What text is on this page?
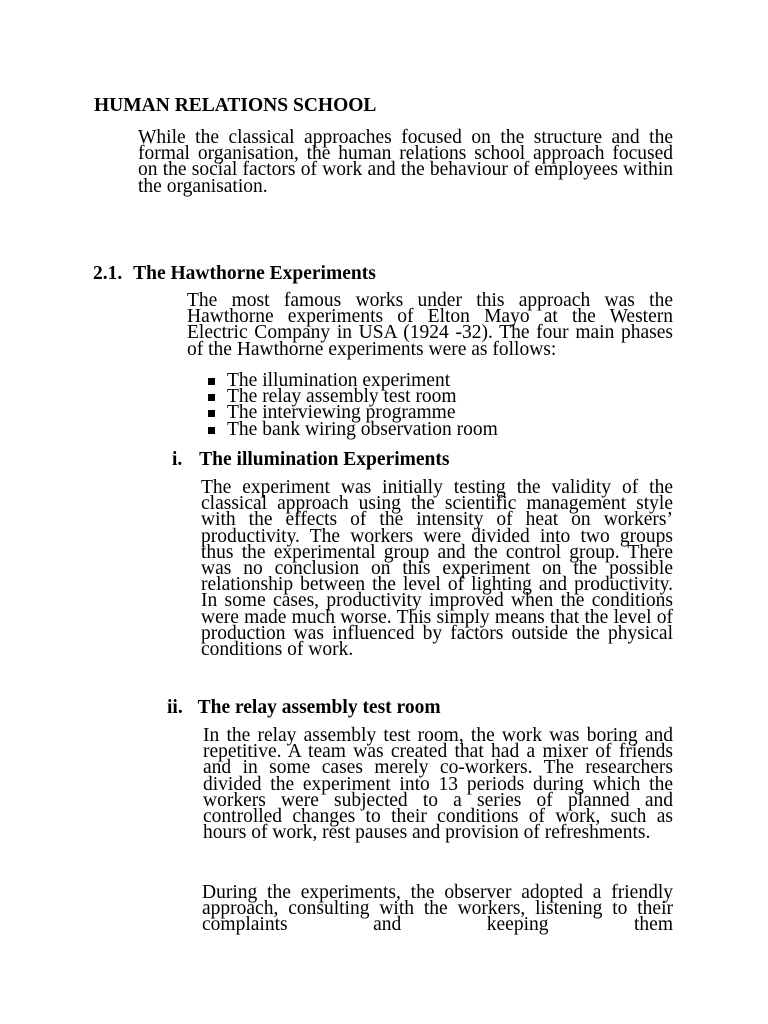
HUMAN RELATIONS SCHOOL
While the classical approaches focused on the structure and the formal organisation, the human relations school approach focused on the social factors of work and the behaviour of employees within the organisation.
2.1. The Hawthorne Experiments
The most famous works under this approach was the Hawthorne experiments of Elton Mayo at the Western Electric Company in USA (1924 -32). The four main phases of the Hawthorne experiments were as follows:
The illumination experiment
The relay assembly test room
The interviewing programme
The bank wiring observation room
i. The illumination Experiments
The experiment was initially testing the validity of the classical approach using the scientific management style with the effects of the intensity of heat on workers’ productivity. The workers were divided into two groups thus the experimental group and the control group. There was no conclusion on this experiment on the possible relationship between the level of lighting and productivity. In some cases, productivity improved when the conditions were made much worse. This simply means that the level of production was influenced by factors outside the physical conditions of work.
ii. The relay assembly test room
In the relay assembly test room, the work was boring and repetitive. A team was created that had a mixer of friends and in some cases merely co-workers. The researchers divided the experiment into 13 periods during which the workers were subjected to a series of planned and controlled changes to their conditions of work, such as hours of work, rest pauses and provision of refreshments.
During the experiments, the observer adopted a friendly approach, consulting with the workers, listening to their complaints and keeping them
